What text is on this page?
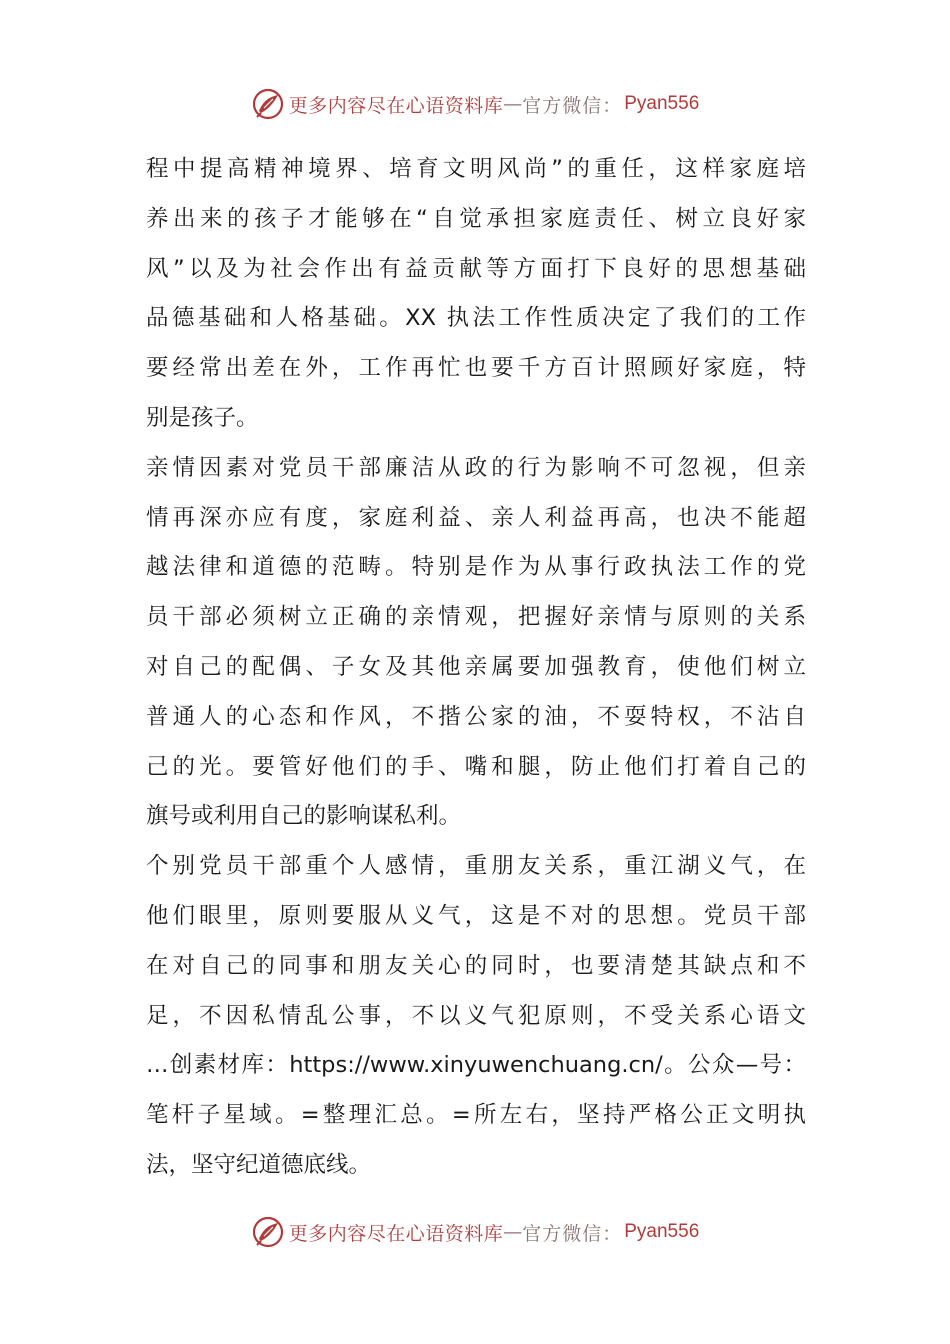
更多内容尽在心语资料库 — 官方微信： Pyan556
程中提高精神境界、培育文明风尚”的重任，这样家庭培
养出来的孩子才能够在“自觉承担家庭责任、树立良好家
风”以及为社会作出有益贡献等方面打下良好的思想基础
品德基础和人格基础。XX 执法工作性质决定了我们的工作
要经常出差在外，工作再忙也要千方百计照顾好家庭，特
别是孩子。
亲情因素对党员干部廉洁从政的行为影响不可忽视，但亲
情再深亦应有度，家庭利益、亲人利益再高，也决不能超
越法律和道德的范畴。特别是作为从事行政执法工作的党
员干部必须树立正确的亲情观，把握好亲情与原则的关系
对自己的配偶、子女及其他亲属要加强教育，使他们树立
普通人的心态和作风，不揩公家的油，不耍特权，不沾自
己的光。要管好他们的手、嘴和腿，防止他们打着自己的
旗号或利用自己的影响谋私利。
个别党员干部重个人感情，重朋友关系，重江湖义气，在
他们眼里，原则要服从义气，这是不对的思想。党员干部
在对自己的同事和朋友关心的同时，也要清楚其缺点和不
足，不因私情乱公事，不以义气犯原则，不受关系心语文
…创素材库：https://www.xinyuwenchuang.cn/。公众—号：
笔杆子星域。=整理汇总。=所左右，坚持严格公正文明执
法，坚守纪道德底线。
更多内容尽在心语资料库 — 官方微信： Pyan556
